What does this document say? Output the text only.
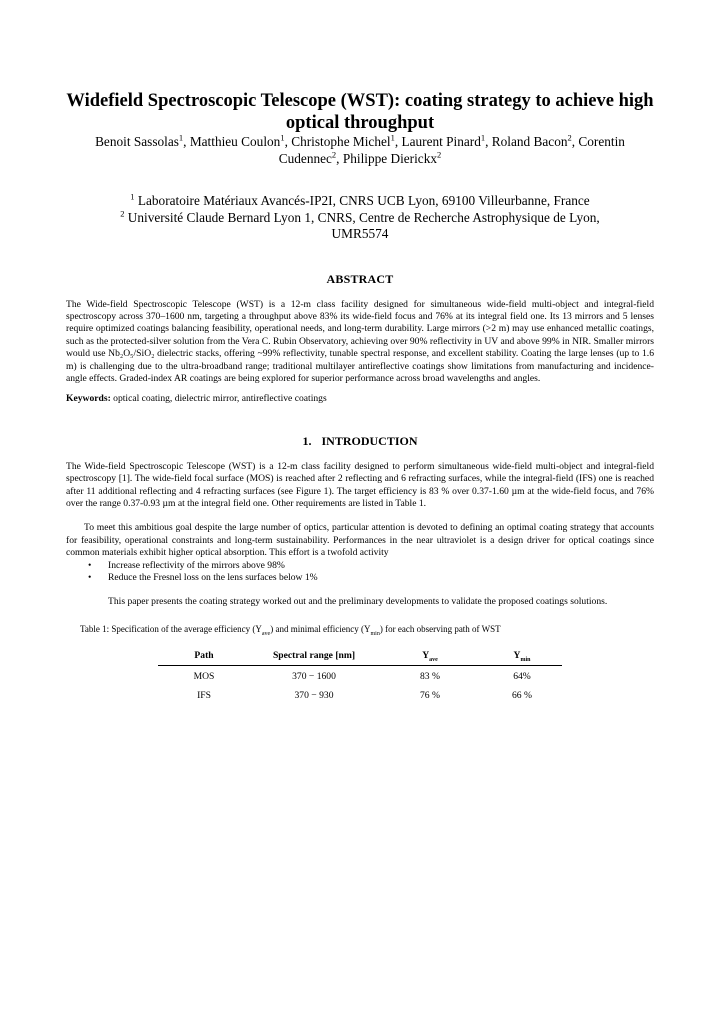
Widefield Spectroscopic Telescope (WST): coating strategy to achieve high optical throughput

Benoit Sassolas$^1$, Matthieu Coulon$^1$, Christophe Michel$^1$, Laurent Pinard$^1$, Roland Bacon$^2$, Corentin

Cudennec$^2$, Philippe Dierickx$^2$

$^1$ Laboratoire Matériaux Avancés-IP2I, CNRS UCB Lyon, 69100 Villeurbanne, France

$^2$ Université Claude Bernard Lyon 1, CNRS, Centre de Recherche Astrophysique de Lyon,

UMR5574

ABSTRACT

The Wide-field Spectroscopic Telescope (WST) is a 12-m class facility designed for simultaneous wide-field multi-object and integral-field spectroscopy across 370–1600 nm, targeting a throughput above 83% its wide-field focus and 76% at its integral field one. Its 13 mirrors and 5 lenses require optimized coatings balancing feasibility, operational needs, and long-term durability. Large mirrors (>2 m) may use enhanced metallic coatings, such as the protected-silver solution from the Vera C. Rubin Observatory, achieving over 90% reflectivity in UV and above 99% in NIR. Smaller mirrors would use Nb₂O₅/SiO₂ dielectric stacks, offering ~99% reflectivity, tunable spectral response, and excellent stability. Coating the large lenses (up to 1.6 m) is challenging due to the ultra-broadband range; traditional multilayer antireflective coatings show limitations from manufacturing and incidence-angle effects. Graded-index AR coatings are being explored for superior performance across broad wavelengths and angles.

Keywords: optical coating, dielectric mirror, antireflective coatings

1. INTRODUCTION

The Wide-field Spectroscopic Telescope (WST) is a 12-m class facility designed to perform simultaneous wide-field multi-object and integral-field spectroscopy [1]. The wide-field focal surface (MOS) is reached after 2 reflecting and 6 refracting surfaces, while the integral-field (IFS) one is reached after 11 additional reflecting and 4 refracting surfaces (see Figure 1). The target efficiency is 83 % over 0.37-1.60 µm at the wide-field focus, and 76% over the range 0.37-0.93 µm at the integral field one. Other requirements are listed in Table 1.

To meet this ambitious goal despite the large number of optics, particular attention is devoted to defining an optimal coating strategy that accounts for feasibility, operational constraints and long-term sustainability. Performances in the near ultraviolet is a design driver for optical coatings since common materials exhibit higher optical absorption. This effort is a twofold activity

• Increase reflectivity of the mirrors above 98%
• Reduce the Fresnel loss on the lens surfaces below 1%

This paper presents the coating strategy worked out and the preliminary developments to validate the proposed coatings solutions.

Table 1: Specification of the average efficiency $(Y_{ave})$ and minimal efficiency $(Y_{min})$ for each observing path of WST

Path	Spectral range [nm]	$Y_{ave}$	$Y_{min}$
MOS	370 − 1600	83 %	64%
IFS	370 − 930	76 %	66 %
